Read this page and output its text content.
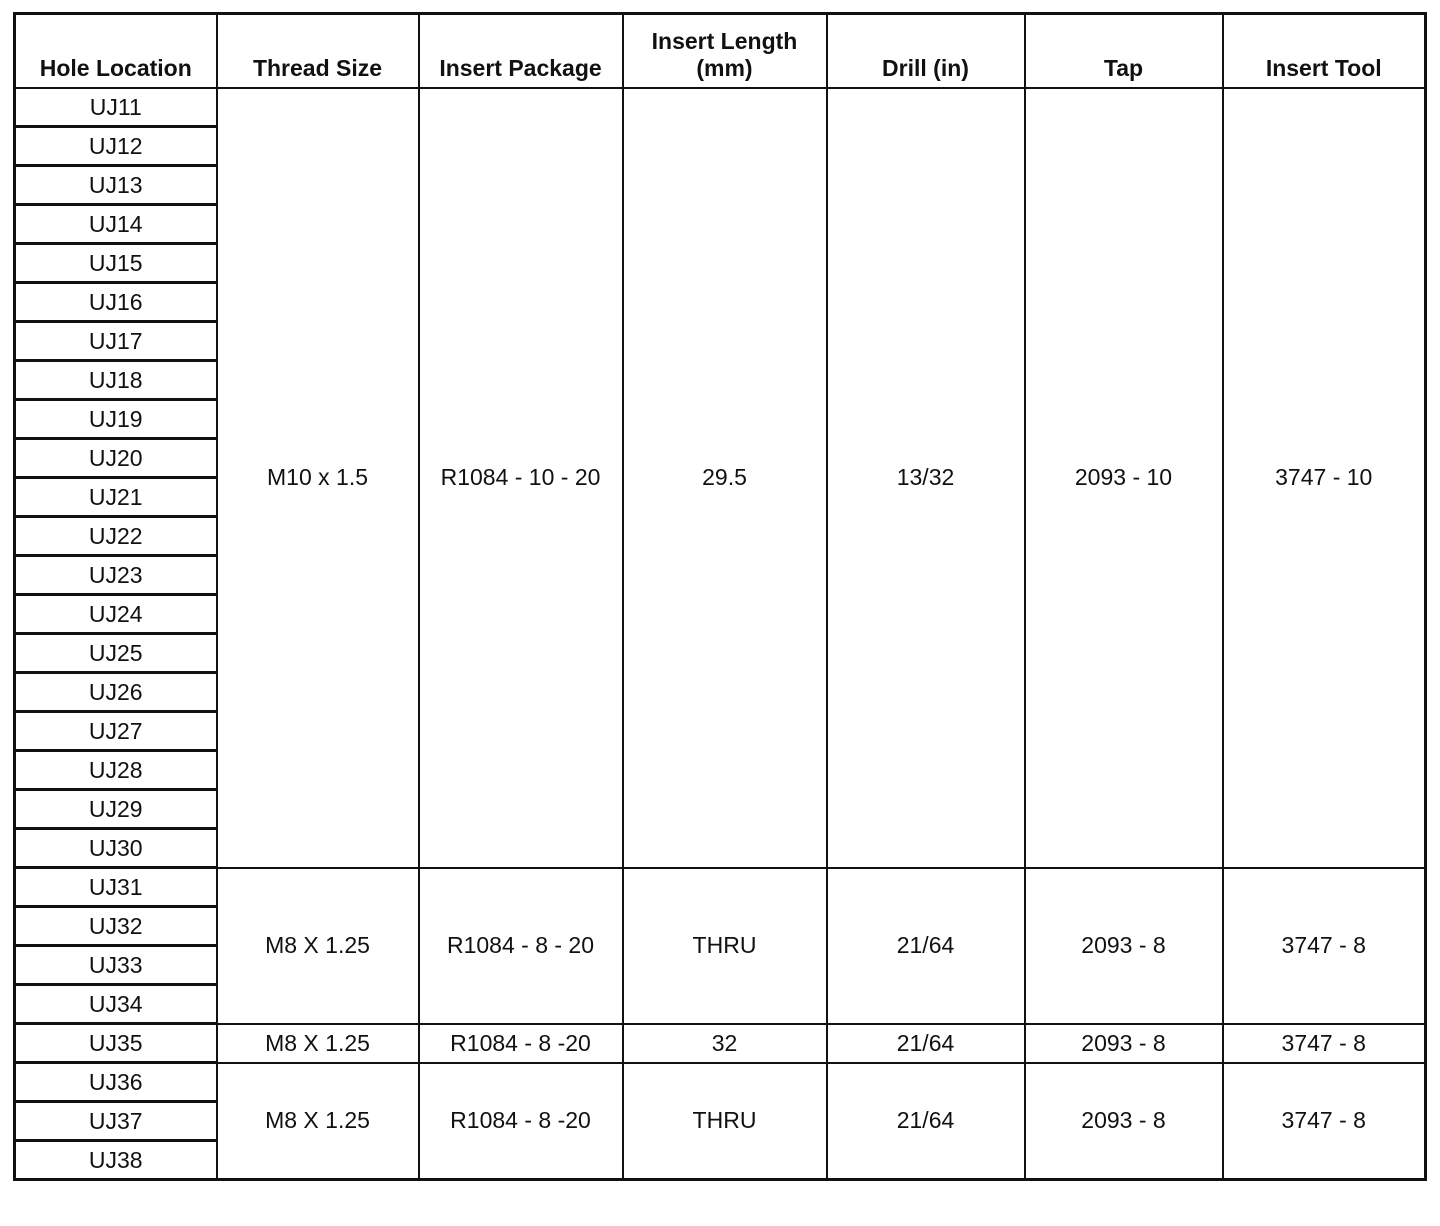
Hole Location	Thread Size	Insert Package	Insert Length (mm)	Drill (in)	Tap	Insert Tool
UJ11	M10 x 1.5	R1084 - 10 - 20	29.5	13/32	2093 - 10	3747 - 10
UJ12						
UJ13						
UJ14						
UJ15						
UJ16						
UJ17						
UJ18						
UJ19						
UJ20						
UJ21						
UJ22						
UJ23						
UJ24						
UJ25						
UJ26						
UJ27						
UJ28						
UJ29						
UJ30						
UJ31	M8 X 1.25	R1084 - 8 - 20	THRU	21/64	2093 - 8	3747 - 8
UJ32						
UJ33						
UJ34						
UJ35	M8 X 1.25	R1084 - 8 -20	32	21/64	2093 - 8	3747 - 8
UJ36	M8 X 1.25	R1084 - 8 -20	THRU	21/64	2093 - 8	3747 - 8
UJ37						
UJ38						
